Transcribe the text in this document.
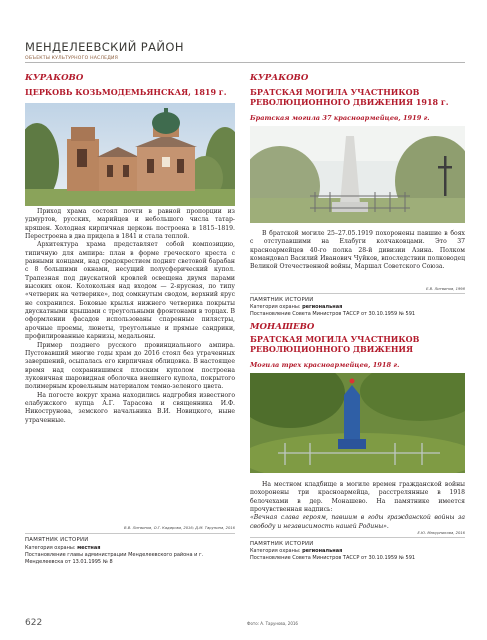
МЕНДЕЛЕЕВСКИЙ РАЙОН
ОБЪЕКТЫ КУЛЬТУРНОГО НАСЛЕДИЯ
КУРАКОВО
ЦЕРКОВЬ КОЗЬМОДЕМЬЯНСКАЯ, 1819 г.

Приход храма состоял почти в равной пропорции из удмуртов, русских, марийцев и небольшого числа татар-кряшен. Холодная кирпичная церковь построена в 1815–1819. Перестроена в два придела в 1841 и стала теплой.

Архитектура храма представляет собой композицию, типичную для ампира: план в форме греческого креста с равными концами, над средокрестием поднят световой барабан с 8 большими окнами, несущий полусферический купол. Трапезная под двускатной кровлей освещена двумя парами высоких окон. Колокольня над входом — 2-ярусная, по типу «четверик на четверике», под сомкнутым сводом, верхний ярус не сохранился. Боковые крылья нижнего четверика покрыты двускатными крышами с треугольными фронтонами в торцах. В оформлении фасадов использованы спаренные пилястры, арочные проемы, люнеты, треугольные и прямые сандрики, профилированные карнизы, медальоны.

Пример позднего русского провинциального ампира. Пустовавший многие годы храм до 2016 стоял без утраченных завершений, осыпалась его кирпичная облицовка. В настоящее время над сохранившимся плоским куполом построена луковичная шаровидная оболочка внешнего купола, покрытого полимерным кровельным материалом темно-зеленого цвета.

На погосте вокруг храма находились надгробия известного елабужского купца А.Г. Тарасова и священника И.Ф. Никострунова, земского начальника В.И. Новицкого, ныне утраченные.

В.В. Литвинов, О.Г. Кадирова, 2016; Д.М. Тарунина, 2016
ПАМЯТНИК ИСТОРИИ
Категория охраны: местная
Постановление главы администрации Менделеевского района и г. Менделеевска от 13.01.1995 № 8
КУРАКОВО
БРАТСКАЯ МОГИЛА УЧАСТНИКОВ
РЕВОЛЮЦИОННОГО ДВИЖЕНИЯ 1918 г.
Братская могила 37 красноармейцев, 1919 г.

В братской могиле 25–27.05.1919 похоронены павшие в боях с отступавшими на Елабуги колчаковцами. Это 37 красноармейцев 40-го полка 28-й дивизии Азина. Полком командовал Василий Иванович Чуйков, впоследствии полководец Великой Отечественной войны, Маршал Советского Союза.

Е.В. Литвинов, 1998
ПАМЯТНИК ИСТОРИИ
Категория охраны: региональная
Постановление Совета Министров ТАССР от 30.10.1959 № 591
МОНАШЕВО
БРАТСКАЯ МОГИЛА УЧАСТНИКОВ
РЕВОЛЮЦИОННОГО ДВИЖЕНИЯ
Могила трех красноармейцев, 1918 г.

На местном кладбище в могиле времен гражданской войны похоронены три красноармейца, расстрелянные в 1918 белочехами в дер. Монашево. На памятнике имеется прочувственная надпись:

«Вечная слава героям, павшим в годы гражданской войны за свободу и независимость нашей Родины».

Е.Ю. Макурникова, 2016
ПАМЯТНИК ИСТОРИИ
Категория охраны: региональная
Постановление Совета Министров ТАССР от 30.10.1959 № 591
622	Фото: А. Тарунова, 2016
